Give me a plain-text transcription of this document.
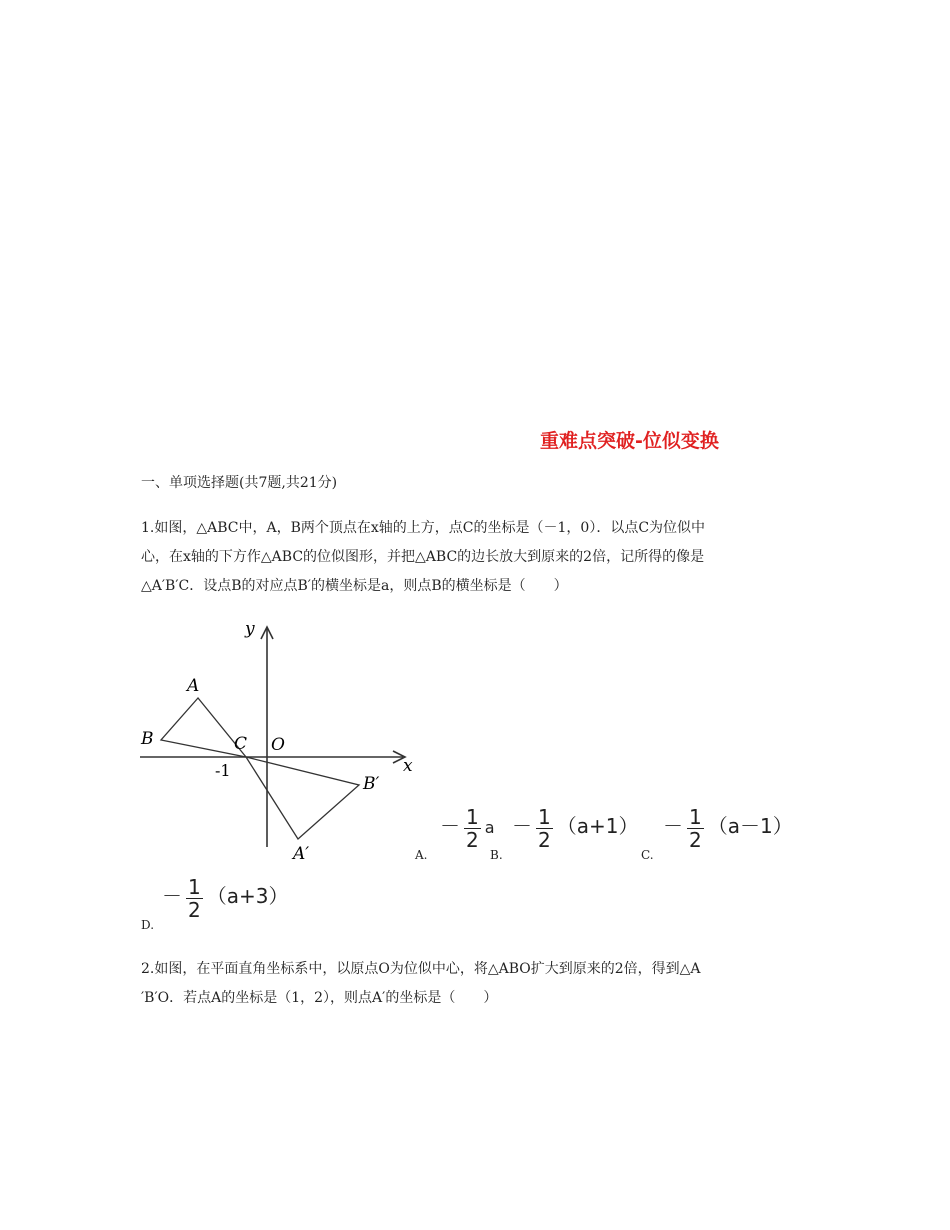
重难点突破-位似变换
一、单项选择题(共7题,共21分)
1.如图，△ABC中，A，B两个顶点在x轴的上方，点C的坐标是（－1，0）．以点C为位似中
心，在x轴的下方作△ABC的位似图形，并把△ABC的边长放大到原来的2倍，记所得的像是
△A′B′C．设点B的对应点B′的横坐标是a，则点B的横坐标是（　　）
y
x
O
C
A
B
A′
B′
-1
A.
－ $\frac{1}{2}$ a
B.
－ $\frac{1}{2} (a+1)$
C.
－ $\frac{1}{2} (a-1)$
D.
－ $\frac{1}{2} (a+3)$
2.如图，在平面直角坐标系中，以原点O为位似中心，将△ABO扩大到原来的2倍，得到△A
′B′O．若点A的坐标是（1，2），则点A′的坐标是（　　）
